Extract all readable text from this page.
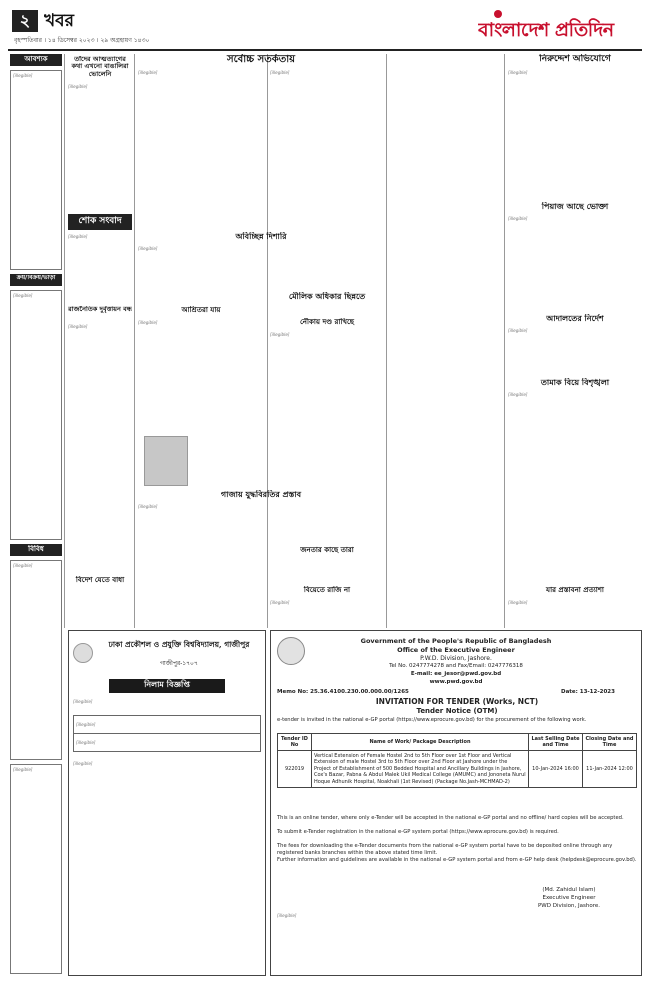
২ খবর
বৃহস্পতিবার । ১৪ ডিসেম্বর ২০২৩ । ২৯ অগ্রহায়ণ ১৪৩০	বাংলাদেশ প্রতিদিন
আবশ্যক
[illegible]
ক্রয়/বিক্রয়/ভাড়া
[illegible]
বিবিধ
[illegible]
[illegible]
তাঁদের আত্মত্যাগের কথা এখনো বাঙালিরা ভোলেনি
[illegible]
শোক সংবাদ
[illegible]
রাজনৈতিক দুর্বৃত্তায়ন বন্ধ
[illegible]
সর্বোচ্চ সতর্কতায়
[illegible]	[illegible]
অবিচ্ছিন্ন দিশারি
[illegible]
মৌলিক অধিকার ছিন্নতে
নৌকায় দণ্ড রাখিছে
[illegible]
আশ্রিতরা যায়
[illegible]
গাজায় যুদ্ধবিরতির প্রস্তাব
[illegible]
বিদেশ যেতে বাধা
জনতার কাছে তারা
বিয়েতে রাজি না
[illegible]
নিরুদ্দেশ অভিযোগে
[illegible]
পিয়াজ আছে ভোক্তা
[illegible]
আদালতের নির্দেশ
[illegible]
তামাক বিয়ে বিশৃঙ্খলা
[illegible]
যার প্রস্তাবনা প্রত্যাশা
[illegible]
ঢাকা প্রকৌশল ও প্রযুক্তি বিশ্ববিদ্যালয়, গাজীপুর
গাজীপুর-১৭০৭
নিলাম বিজ্ঞপ্তি
[illegible]
[illegible]
[illegible]
[illegible]
Government of the People's Republic of Bangladesh
Office of the Executive Engineer
P.W.D. Division, Jashore.
Tel No. 0247774278 and Fax/Email: 0247776318
E-mail: ee_jesor@pwd.gov.bd
www.pwd.gov.bd
Memo No: 25.36.4100.230.00.000.00/1265	Date: 13-12-2023
INVITATION FOR TENDER (Works, NCT)
Tender Notice (OTM)
e-tender is invited in the national e-GP portal (https://www.eprocure.gov.bd) for the procurement of the following work.
Tender ID No	Name of Work/ Package Description	Last Selling Date and Time	Closing Date and Time
922019	Vertical Extension of Female Hostel 2nd to 5th Floor over 1st Floor and Vertical Extension of male Hostel 3rd to 5th Floor over 2nd Floor at Jashore under the Project of Establishment of 500 Bedded Hospital and Ancillary Buildings in Jashore, Cox's Bazar, Pabna & Abdul Malek Ukil Medical College (AMUMC) and Jononeta Nurul Hoque Adhunik Hospital, Noakhali (1st Revised) (Package No.Jash-MCHMAD-2)	10-Jan-2024 16:00	11-Jan-2024 12:00
This is an online tender, where only e-Tender will be accepted in the national e-GP portal and no offline/ hard copies will be accepted.
To submit e-Tender registration in the national e-GP system portal (https://www.eprocure.gov.bd) is required.
The fees for downloading the e-Tender documents from the national e-GP system portal have to be deposited online through any registered banks branches within the above stated time limit.
Further information and guidelines are available in the national e-GP system portal and from e-GP help desk (helpdesk@eprocure.gov.bd).
(Md. Zahidul Islam)
Executive Engineer
PWD Division, Jashore.
[illegible]
